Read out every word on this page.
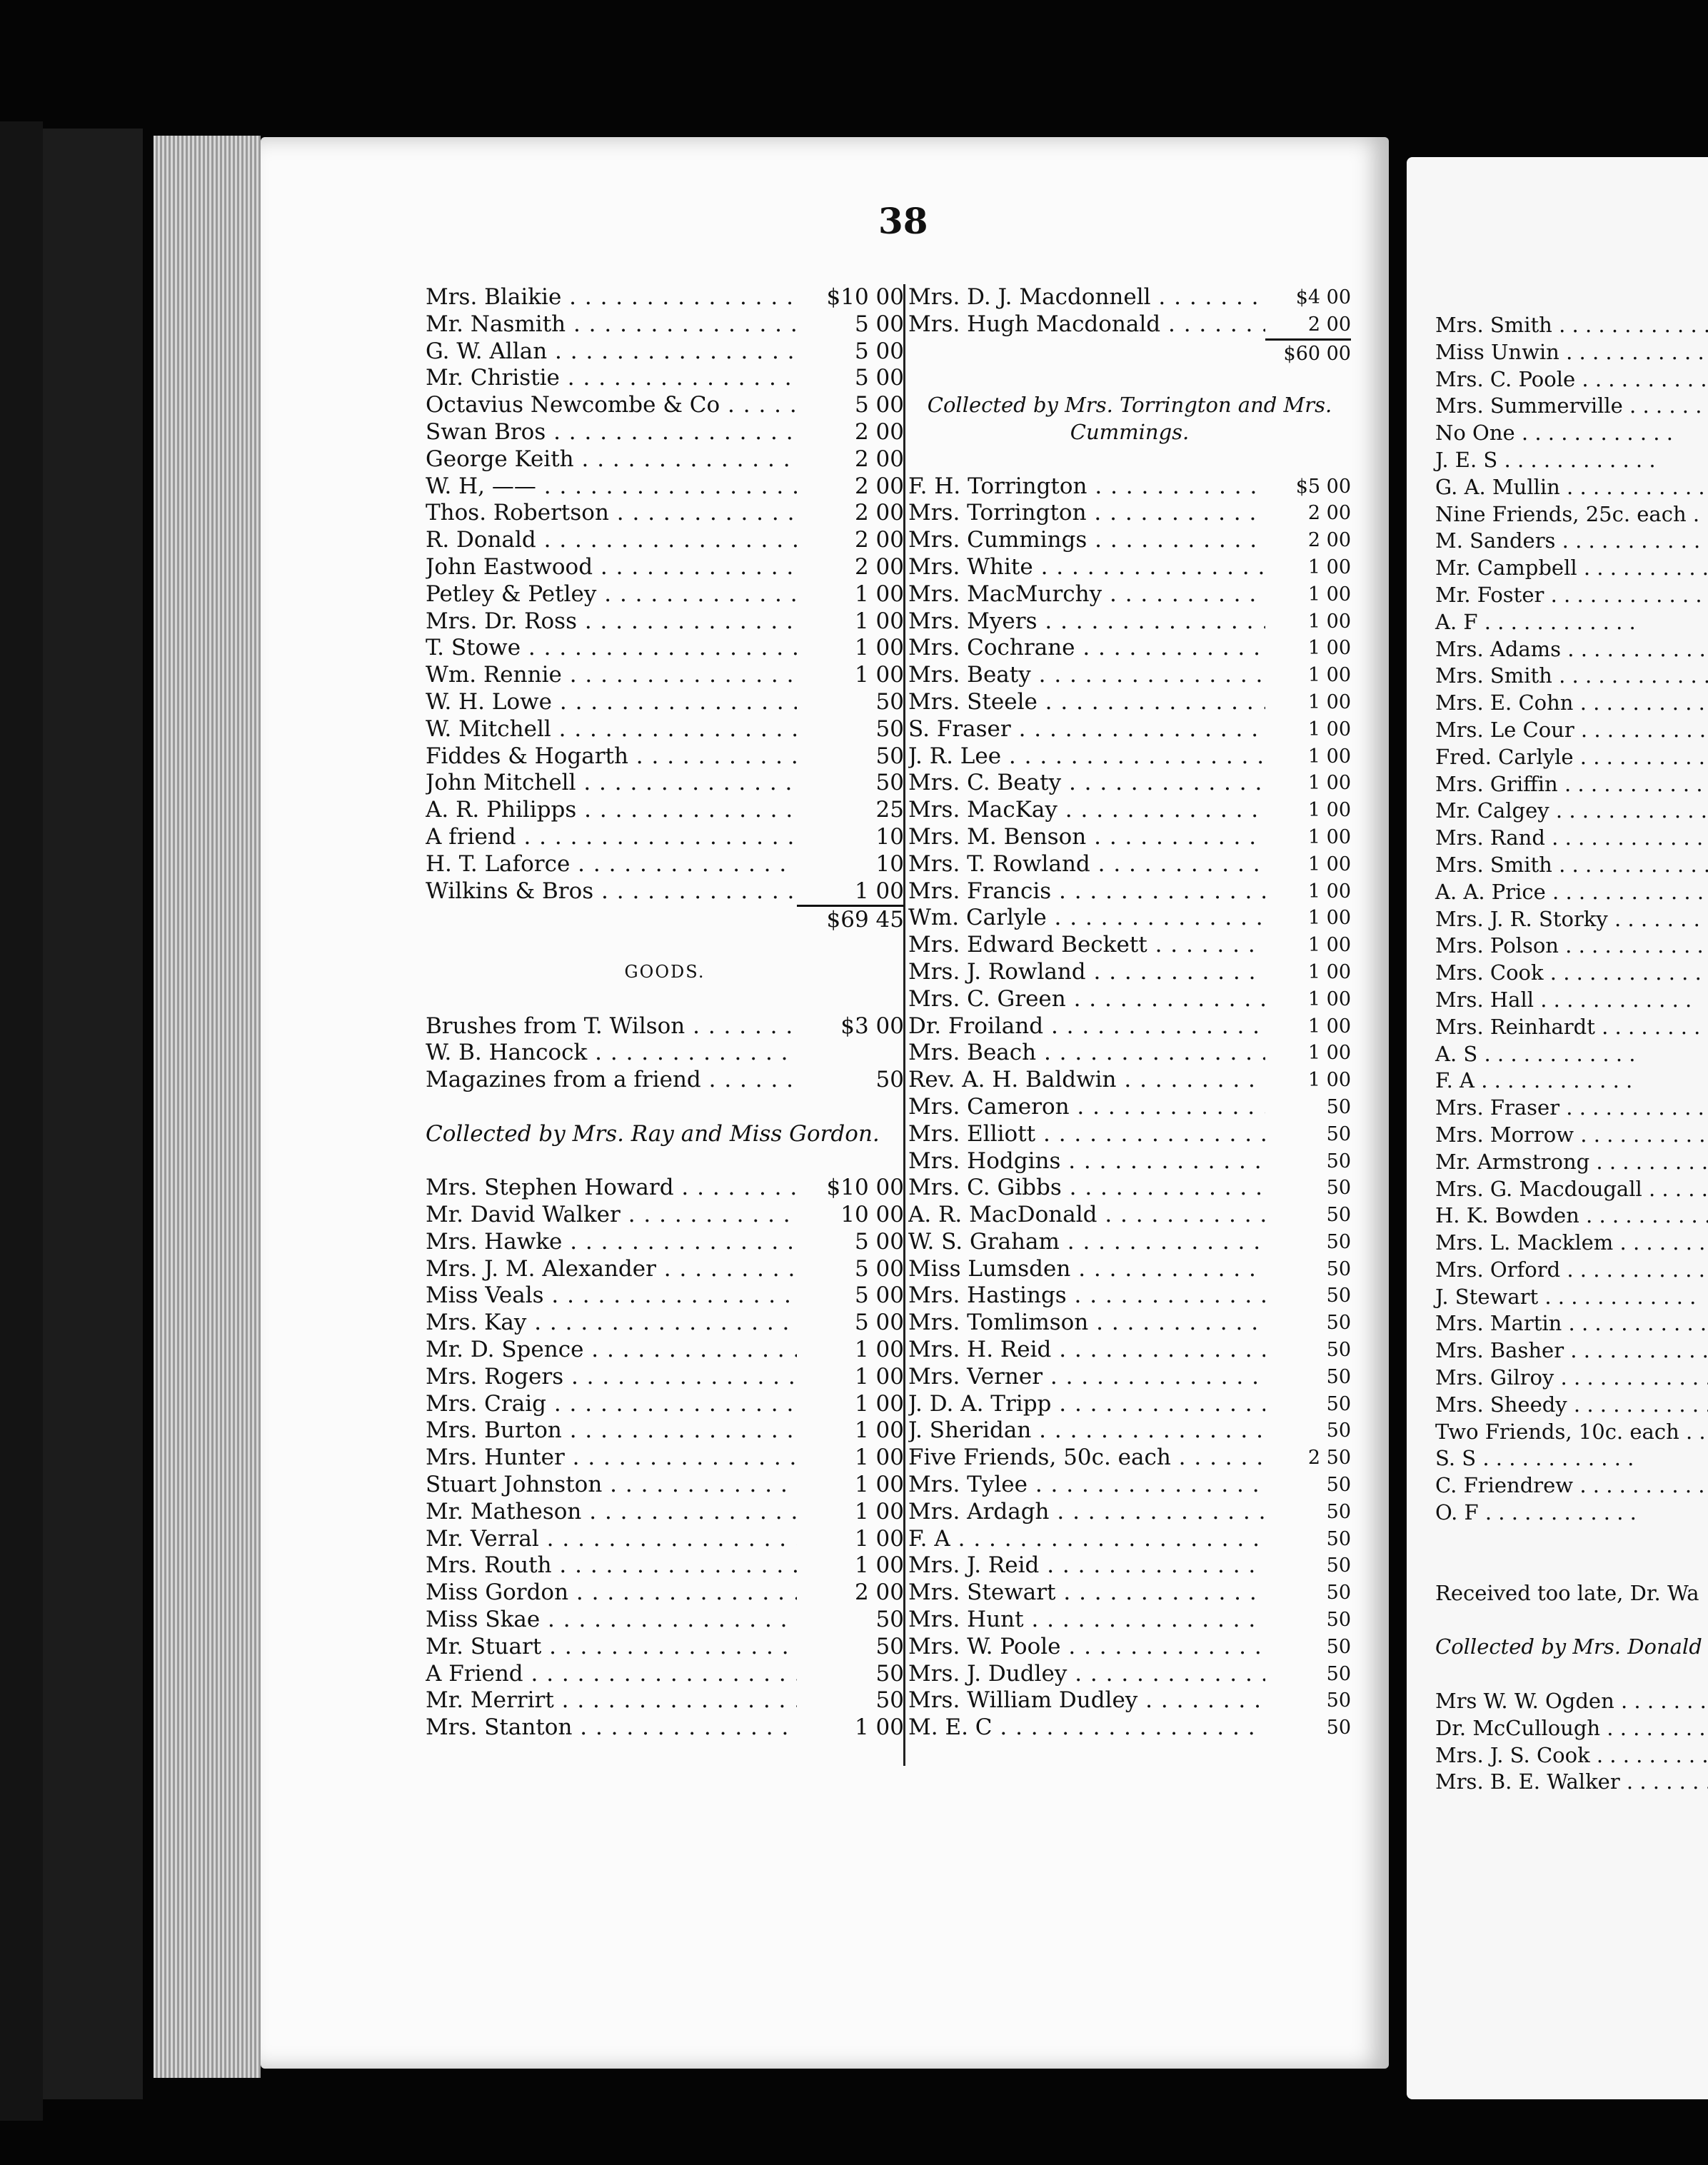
38
Mrs. Blaikie . . .	$10 00
Mr. Nasmith . . .	5 00
G. W. Allan . . .	5 00
Mr. Christie . . .	5 00
Octavius Newcombe & Co . . .	5 00
Swan Bros . . .	2 00
George Keith . . .	2 00
W. H, —— . . .	2 00
Thos. Robertson . . .	2 00
R. Donald . . .	2 00
John Eastwood . . .	2 00
Petley & Petley . . .	1 00
Mrs. Dr. Ross . . .	1 00
T. Stowe . . .	1 00
Wm. Rennie . . .	1 00
W. H. Lowe . . .	50
W. Mitchell . . .	50
Fiddes & Hogarth . . .	50
John Mitchell . . .	50
A. R. Philipps . . .	25
A friend . . .	10
H. T. Laforce . . .	10
Wilkins & Bros . . .	1 00
$69 45
GOODS.
Brushes from T. Wilson . . .	$3 00
W. B. Hancock . . .
Magazines from a friend . . .	50
Collected by Mrs. Ray and Miss Gordon.
Mrs. Stephen Howard . . .	$10 00
Mr. David Walker . . .	10 00
Mrs. Hawke . . .	5 00
Mrs. J. M. Alexander . . .	5 00
Miss Veals . . .	5 00
Mrs. Kay . . .	5 00
Mr. D. Spence . . .	1 00
Mrs. Rogers . . .	1 00
Mrs. Craig . . .	1 00
Mrs. Burton . . .	1 00
Mrs. Hunter . . .	1 00
Stuart Johnston . . .	1 00
Mr. Matheson . . .	1 00
Mr. Verral . . .	1 00
Mrs. Routh . . .	1 00
Miss Gordon . . .	2 00
Miss Skae . . .	50
Mr. Stuart . . .	50
A Friend . . .	50
Mr. Merrirt . . .	50
Mrs. Stanton . . .	1 00
Mrs. D. J. Macdonnell . . .	$4 00
Mrs. Hugh Macdonald . . .	2 00
$60 00
Collected by Mrs. Torrington and Mrs. Cummings.
F. H. Torrington . . .	$5 00
Mrs. Torrington . . .	2 00
Mrs. Cummings . . .	2 00
Mrs. White . . .	1 00
Mrs. MacMurchy . . .	1 00
Mrs. Myers . . .	1 00
Mrs. Cochrane . . .	1 00
Mrs. Beaty . . .	1 00
Mrs. Steele . . .	1 00
S. Fraser . . .	1 00
J. R. Lee . . .	1 00
Mrs. C. Beaty . . .	1 00
Mrs. MacKay . . .	1 00
Mrs. M. Benson . . .	1 00
Mrs. T. Rowland . . .	1 00
Mrs. Francis . . .	1 00
Wm. Carlyle . . .	1 00
Mrs. Edward Beckett . . .	1 00
Mrs. J. Rowland . . .	1 00
Mrs. C. Green . . .	1 00
Dr. Froiland . . .	1 00
Mrs. Beach . . .	1 00
Rev. A. H. Baldwin . . .	1 00
Mrs. Cameron . . .	50
Mrs. Elliott . . .	50
Mrs. Hodgins . . .	50
Mrs. C. Gibbs . . .	50
A. R. MacDonald . . .	50
W. S. Graham . . .	50
Miss Lumsden . . .	50
Mrs. Hastings . . .	50
Mrs. Tomlimson . . .	50
Mrs. H. Reid . . .	50
Mrs. Verner . . .	50
J. D. A. Tripp . . .	50
J. Sheridan . . .	50
Five Friends, 50c. each . . .	2 50
Mrs. Tylee . . .	50
Mrs. Ardagh . . .	50
F. A . . .	50
Mrs. J. Reid . . .	50
Mrs. Stewart . . .	50
Mrs. Hunt . . .	50
Mrs. W. Poole . . .	50
Mrs. J. Dudley . . .	50
Mrs. William Dudley . . .	50
M. E. C . . .	50
Mrs. Smith . . .
Miss Unwin . . .
Mrs. C. Poole . . .
Mrs. Summerville . . .
No One . . .
J. E. S . . .
G. A. Mullin . . .
Nine Friends, 25c. each . . .
M. Sanders . . .
Mr. Campbell . . .
Mr. Foster . . .
A. F . . .
Mrs. Adams . . .
Mrs. Smith . . .
Mrs. E. Cohn . . .
Mrs. Le Cour . . .
Fred. Carlyle . . .
Mrs. Griffin . . .
Mr. Calgey . . .
Mrs. Rand . . .
Mrs. Smith . . .
A. A. Price . . .
Mrs. J. R. Storky . . .
Mrs. Polson . . .
Mrs. Cook . . .
Mrs. Hall . . .
Mrs. Reinhardt . . .
A. S . . .
F. A . . .
Mrs. Fraser . . .
Mrs. Morrow . . .
Mr. Armstrong . . .
Mrs. G. Macdougall . . .
H. K. Bowden . . .
Mrs. L. Macklem . . .
Mrs. Orford . . .
J. Stewart . . .
Mrs. Martin . . .
Mrs. Basher . . .
Mrs. Gilroy . . .
Mrs. Sheedy . . .
Two Friends, 10c. each . . .
S. S . . .
C. Friendrew . . .
O. F . . .
Received too late, Dr. Wa
Collected by Mrs. Donald
Mrs W. W. Ogden . . .
Dr. McCullough . . .
Mrs. J. S. Cook . . .
Mrs. B. E. Walker . . .
